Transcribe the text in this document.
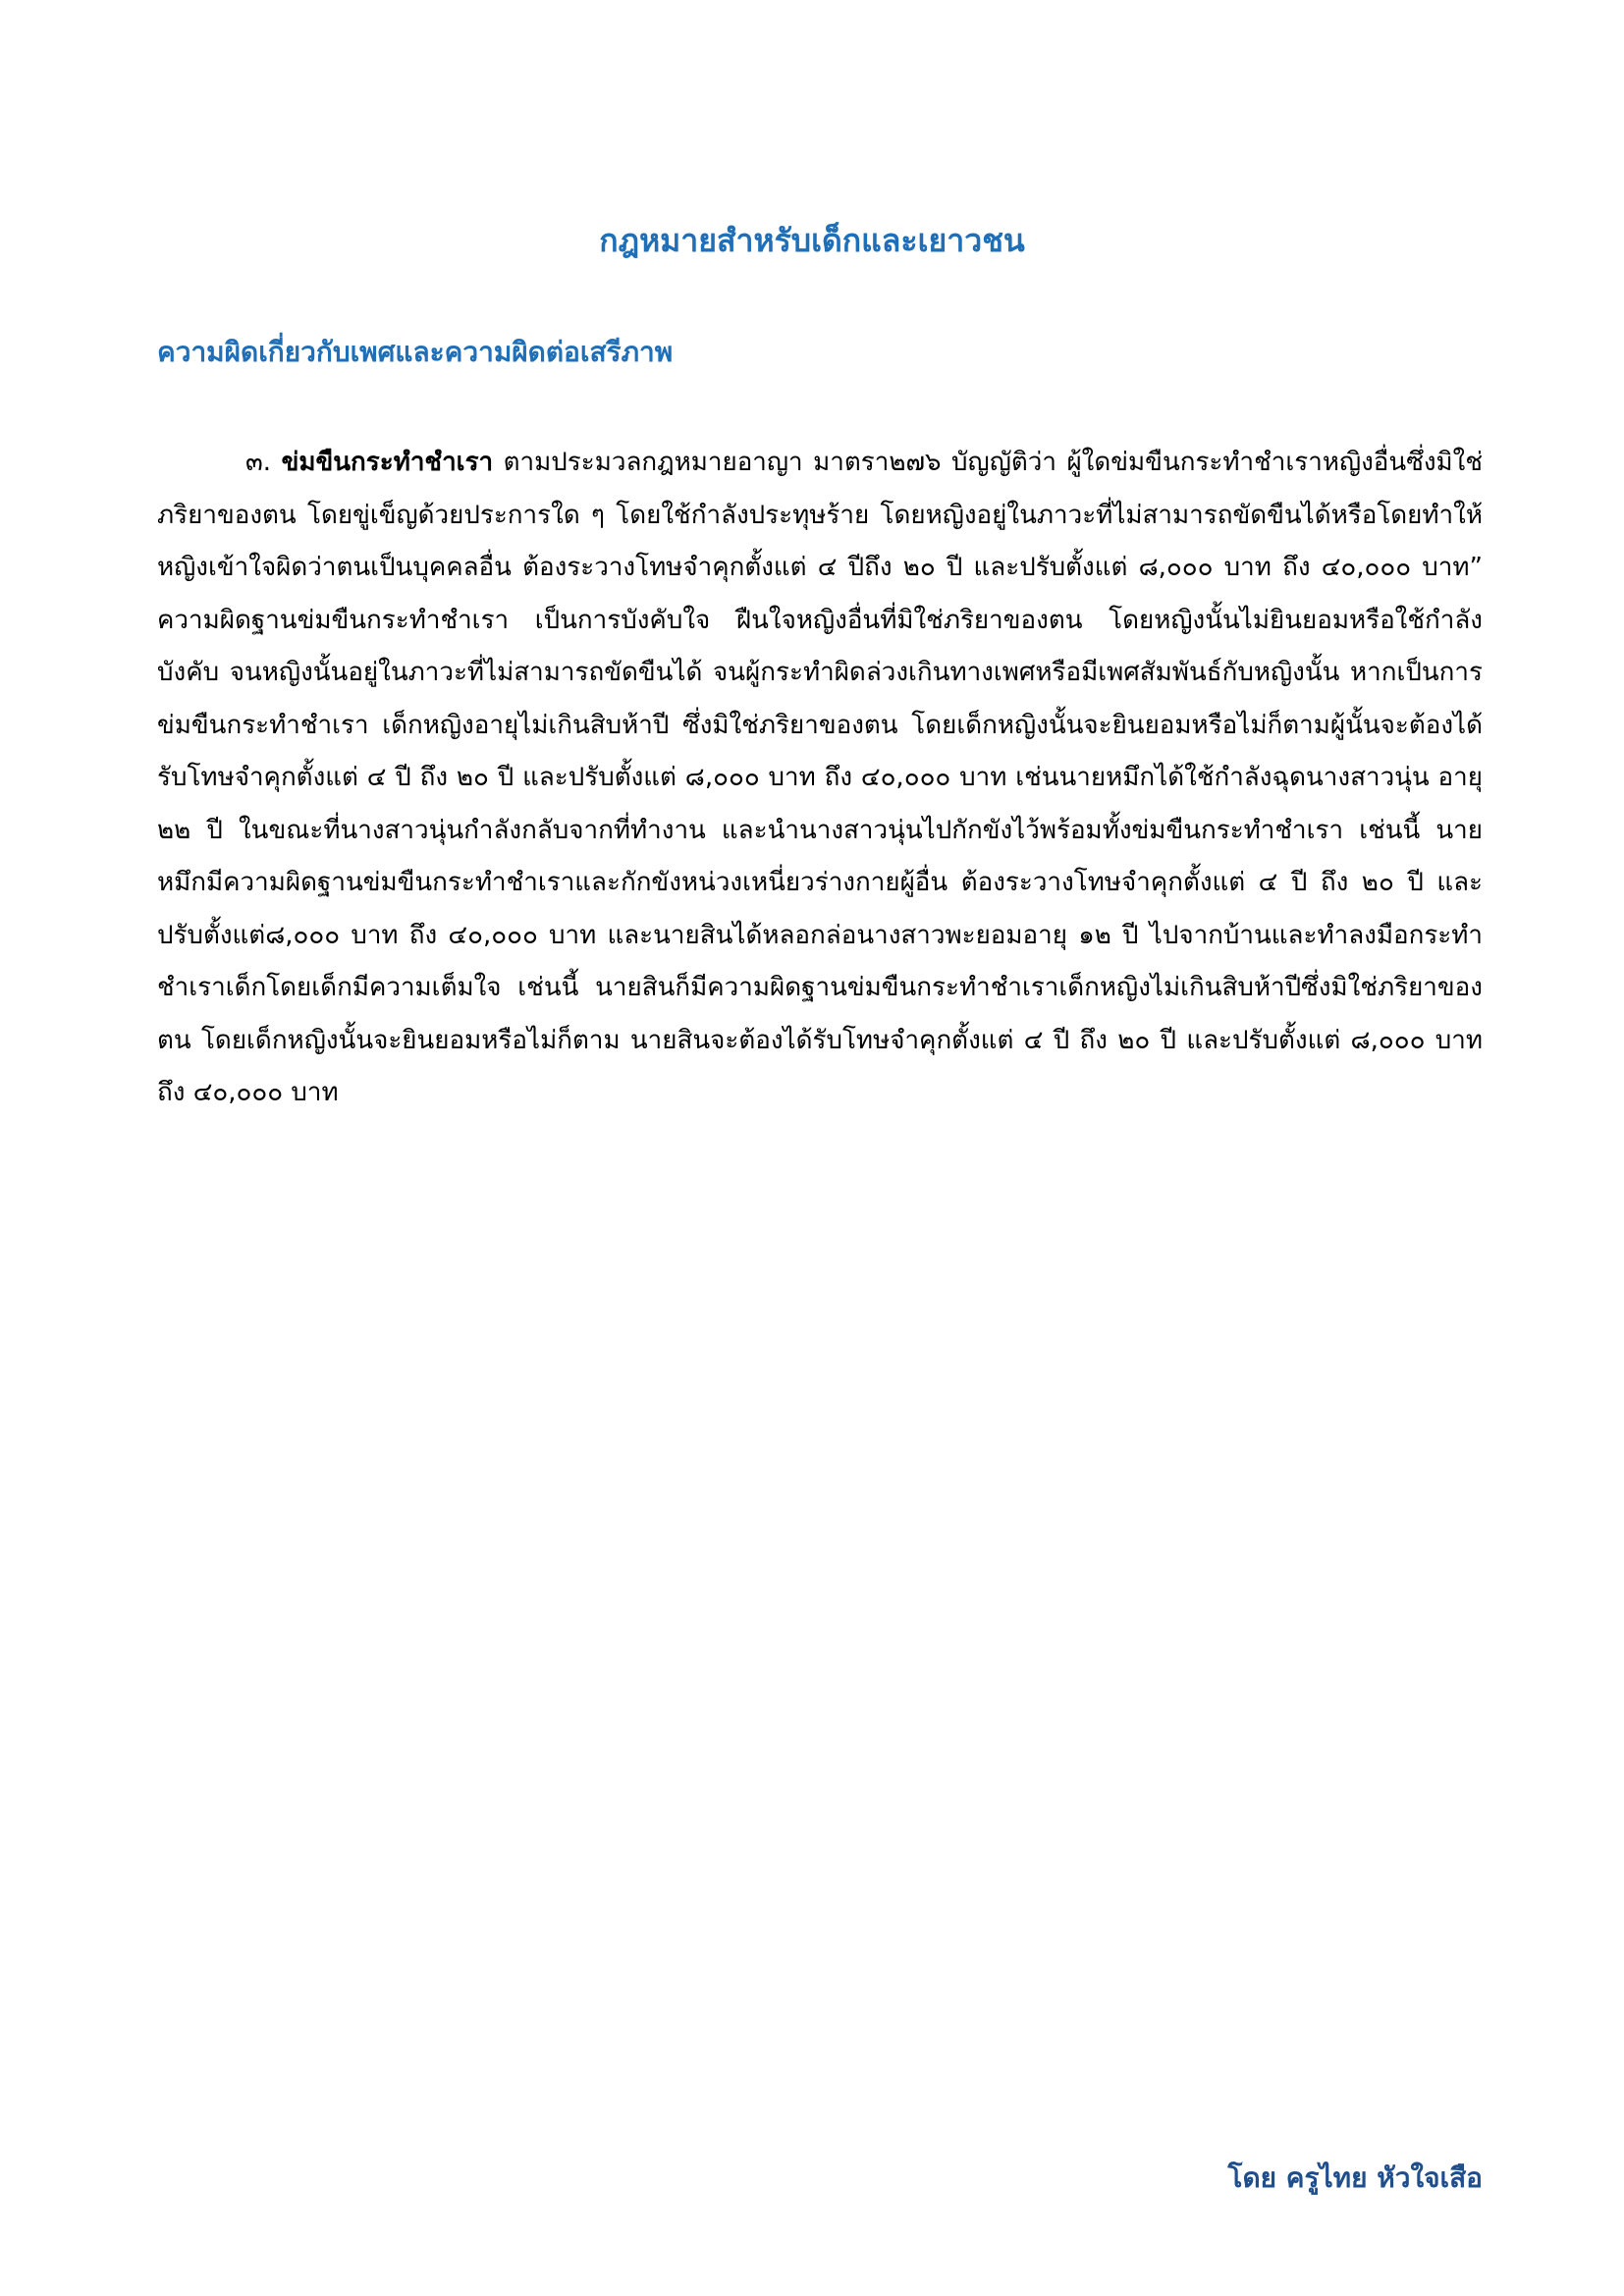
กฎหมายสำหรับเด็กและเยาวชน
ความผิดเกี่ยวกับเพศและความผิดต่อเสรีภาพ

๓. ข่มขืนกระทำชำเรา ตามประมวลกฎหมายอาญา มาตรา๒๗๖ บัญญัติว่า ผู้ใดข่มขืนกระทำชำเราหญิงอื่นซึ่งมิใช่ภริยาของตน โดยขู่เข็ญด้วยประการใด ๆ โดยใช้กำลังประทุษร้าย โดยหญิงอยู่ในภาวะที่ไม่สามารถขัดขืนได้หรือโดยทำให้หญิงเข้าใจผิดว่าตนเป็นบุคคลอื่น ต้องระวางโทษจำคุกตั้งแต่ ๔ ปีถึง ๒๐ ปี และปรับตั้งแต่ ๘,๐๐๐ บาท ถึง ๔๐,๐๐๐ บาท” ความผิดฐานข่มขืนกระทำชำเรา เป็นการบังคับใจ ฝืนใจหญิงอื่นที่มิใช่ภริยาของตน โดยหญิงนั้นไม่ยินยอมหรือใช้กำลังบังคับ จนหญิงนั้นอยู่ในภาวะที่ไม่สามารถขัดขืนได้ จนผู้กระทำผิดล่วงเกินทางเพศหรือมีเพศสัมพันธ์กับหญิงนั้น หากเป็นการข่มขืนกระทำชำเรา เด็กหญิงอายุไม่เกินสิบห้าปี ซึ่งมิใช่ภริยาของตน โดยเด็กหญิงนั้นจะยินยอมหรือไม่ก็ตามผู้นั้นจะต้องได้รับโทษจำคุกตั้งแต่ ๔ ปี ถึง ๒๐ ปี และปรับตั้งแต่ ๘,๐๐๐ บาท ถึง ๔๐,๐๐๐ บาท เช่นนายหมึกได้ใช้กำลังฉุดนางสาวนุ่น อายุ ๒๒ ปี ในขณะที่นางสาวนุ่นกำลังกลับจากที่ทำงาน และนำนางสาวนุ่นไปกักขังไว้พร้อมทั้งข่มขืนกระทำชำเรา เช่นนี้ นายหมึกมีความผิดฐานข่มขืนกระทำชำเราและกักขังหน่วงเหนี่ยวร่างกายผู้อื่น ต้องระวางโทษจำคุกตั้งแต่ ๔ ปี ถึง ๒๐ ปี และปรับตั้งแต่๘,๐๐๐ บาท ถึง ๔๐,๐๐๐ บาท และนายสินได้หลอกล่อนางสาวพะยอมอายุ ๑๒ ปี ไปจากบ้านและทำลงมือกระทำชำเราเด็กโดยเด็กมีความเต็มใจ เช่นนี้ นายสินก็มีความผิดฐานข่มขืนกระทำชำเราเด็กหญิงไม่เกินสิบห้าปีซึ่งมิใช่ภริยาของตน โดยเด็กหญิงนั้นจะยินยอมหรือไม่ก็ตาม นายสินจะต้องได้รับโทษจำคุกตั้งแต่ ๔ ปี ถึง ๒๐ ปี และปรับตั้งแต่ ๘,๐๐๐ บาท ถึง ๔๐,๐๐๐ บาท

โดย ครูไทย หัวใจเสือ
